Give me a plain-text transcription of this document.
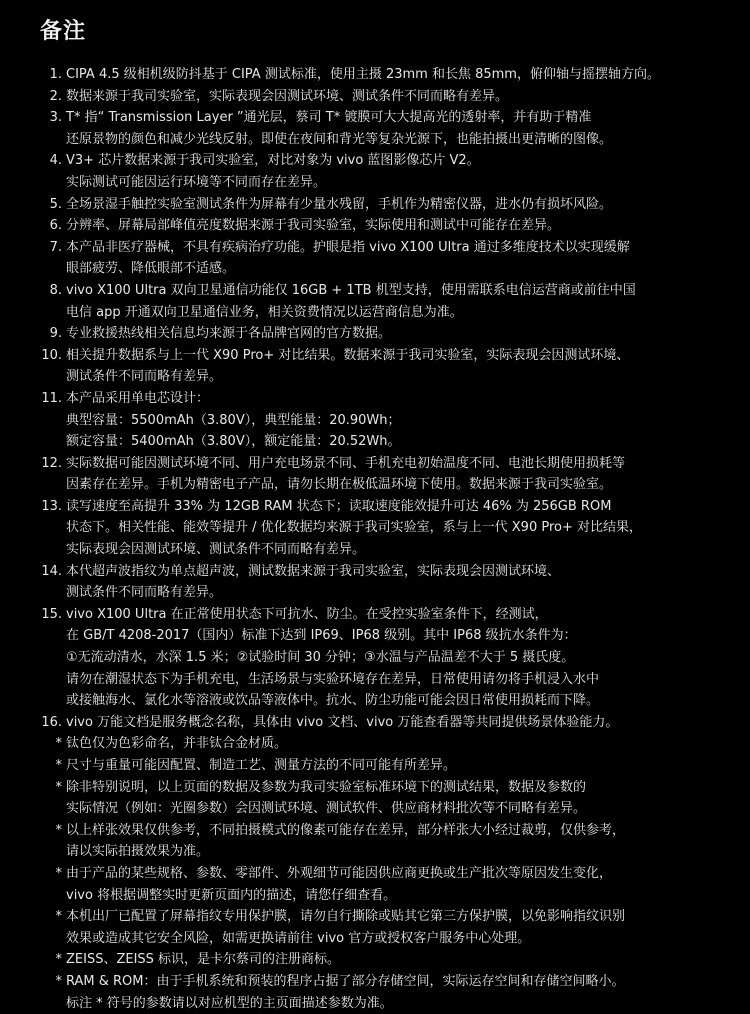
备注
1. CIPA 4.5 级相机级防抖基于 CIPA 测试标准，使用主摄 23mm 和长焦 85mm，俯仰轴与摇摆轴方向。
2. 数据来源于我司实验室，实际表现会因测试环境、测试条件不同而略有差异。
3. T* 指“ Transmission Layer ”通光层，蔡司 T* 镀膜可大大提高光的透射率，并有助于精准
还原景物的颜色和减少光线反射。即使在夜间和背光等复杂光源下，也能拍摄出更清晰的图像。
4. V3+ 芯片数据来源于我司实验室，对比对象为 vivo 蓝图影像芯片 V2。
实际测试可能因运行环境等不同而存在差异。
5. 全场景湿手触控实验室测试条件为屏幕有少量水残留，手机作为精密仪器，进水仍有损坏风险。
6. 分辨率、屏幕局部峰值亮度数据来源于我司实验室，实际使用和测试中可能存在差异。
7. 本产品非医疗器械，不具有疾病治疗功能。护眼是指 vivo X100 Ultra 通过多维度技术以实现缓解
眼部疲劳、降低眼部不适感。
8. vivo X100 Ultra 双向卫星通信功能仅 16GB + 1TB 机型支持，使用需联系电信运营商或前往中国
电信 app 开通双向卫星通信业务，相关资费情况以运营商信息为准。
9. 专业救援热线相关信息均来源于各品牌官网的官方数据。
10. 相关提升数据系与上一代 X90 Pro+ 对比结果。数据来源于我司实验室，实际表现会因测试环境、
测试条件不同而略有差异。
11. 本产品采用单电芯设计：
典型容量：5500mAh（3.80V），典型能量：20.90Wh；
额定容量：5400mAh（3.80V），额定能量：20.52Wh。
12. 实际数据可能因测试环境不同、用户充电场景不同、手机充电初始温度不同、电池长期使用损耗等
因素存在差异。手机为精密电子产品，请勿长期在极低温环境下使用。数据来源于我司实验室。
13. 读写速度至高提升 33% 为 12GB RAM 状态下；读取速度能效提升可达 46% 为 256GB ROM
状态下。相关性能、能效等提升 / 优化数据均来源于我司实验室，系与上一代 X90 Pro+ 对比结果，
实际表现会因测试环境、测试条件不同而略有差异。
14. 本代超声波指纹为单点超声波，测试数据来源于我司实验室，实际表现会因测试环境、
测试条件不同而略有差异。
15. vivo X100 Ultra 在正常使用状态下可抗水、防尘。在受控实验室条件下，经测试，
在 GB/T 4208-2017（国内）标准下达到 IP69、IP68 级别。其中 IP68 级抗水条件为：
①无流动清水，水深 1.5 米；②试验时间 30 分钟；③水温与产品温差不大于 5 摄氏度。
请勿在潮湿状态下为手机充电，生活场景与实验环境存在差异，日常使用请勿将手机浸入水中
或接触海水、氯化水等溶液或饮品等液体中。抗水、防尘功能可能会因日常使用损耗而下降。
16. vivo 万能文档是服务概念名称，具体由 vivo 文档、vivo 万能查看器等共同提供场景体验能力。
* 钛色仅为色彩命名，并非钛合金材质。
* 尺寸与重量可能因配置、制造工艺、测量方法的不同可能有所差异。
* 除非特别说明，以上页面的数据及参数为我司实验室标准环境下的测试结果，数据及参数的
实际情况（例如：光圈参数）会因测试环境、测试软件、供应商材料批次等不同略有差异。
* 以上样张效果仅供参考，不同拍摄模式的像素可能存在差异，部分样张大小经过裁剪，仅供参考，
请以实际拍摄效果为准。
* 由于产品的某些规格、参数、零部件、外观细节可能因供应商更换或生产批次等原因发生变化，
vivo 将根据调整实时更新页面内的描述，请您仔细查看。
* 本机出厂已配置了屏幕指纹专用保护膜，请勿自行撕除或贴其它第三方保护膜，以免影响指纹识别
效果或造成其它安全风险，如需更换请前往 vivo 官方或授权客户服务中心处理。
* ZEISS、ZEISS 标识，是卡尔蔡司的注册商标。
* RAM & ROM：由于手机系统和预装的程序占据了部分存储空间，实际运存空间和存储空间略小。
标注 * 符号的参数请以对应机型的主页面描述参数为准。
